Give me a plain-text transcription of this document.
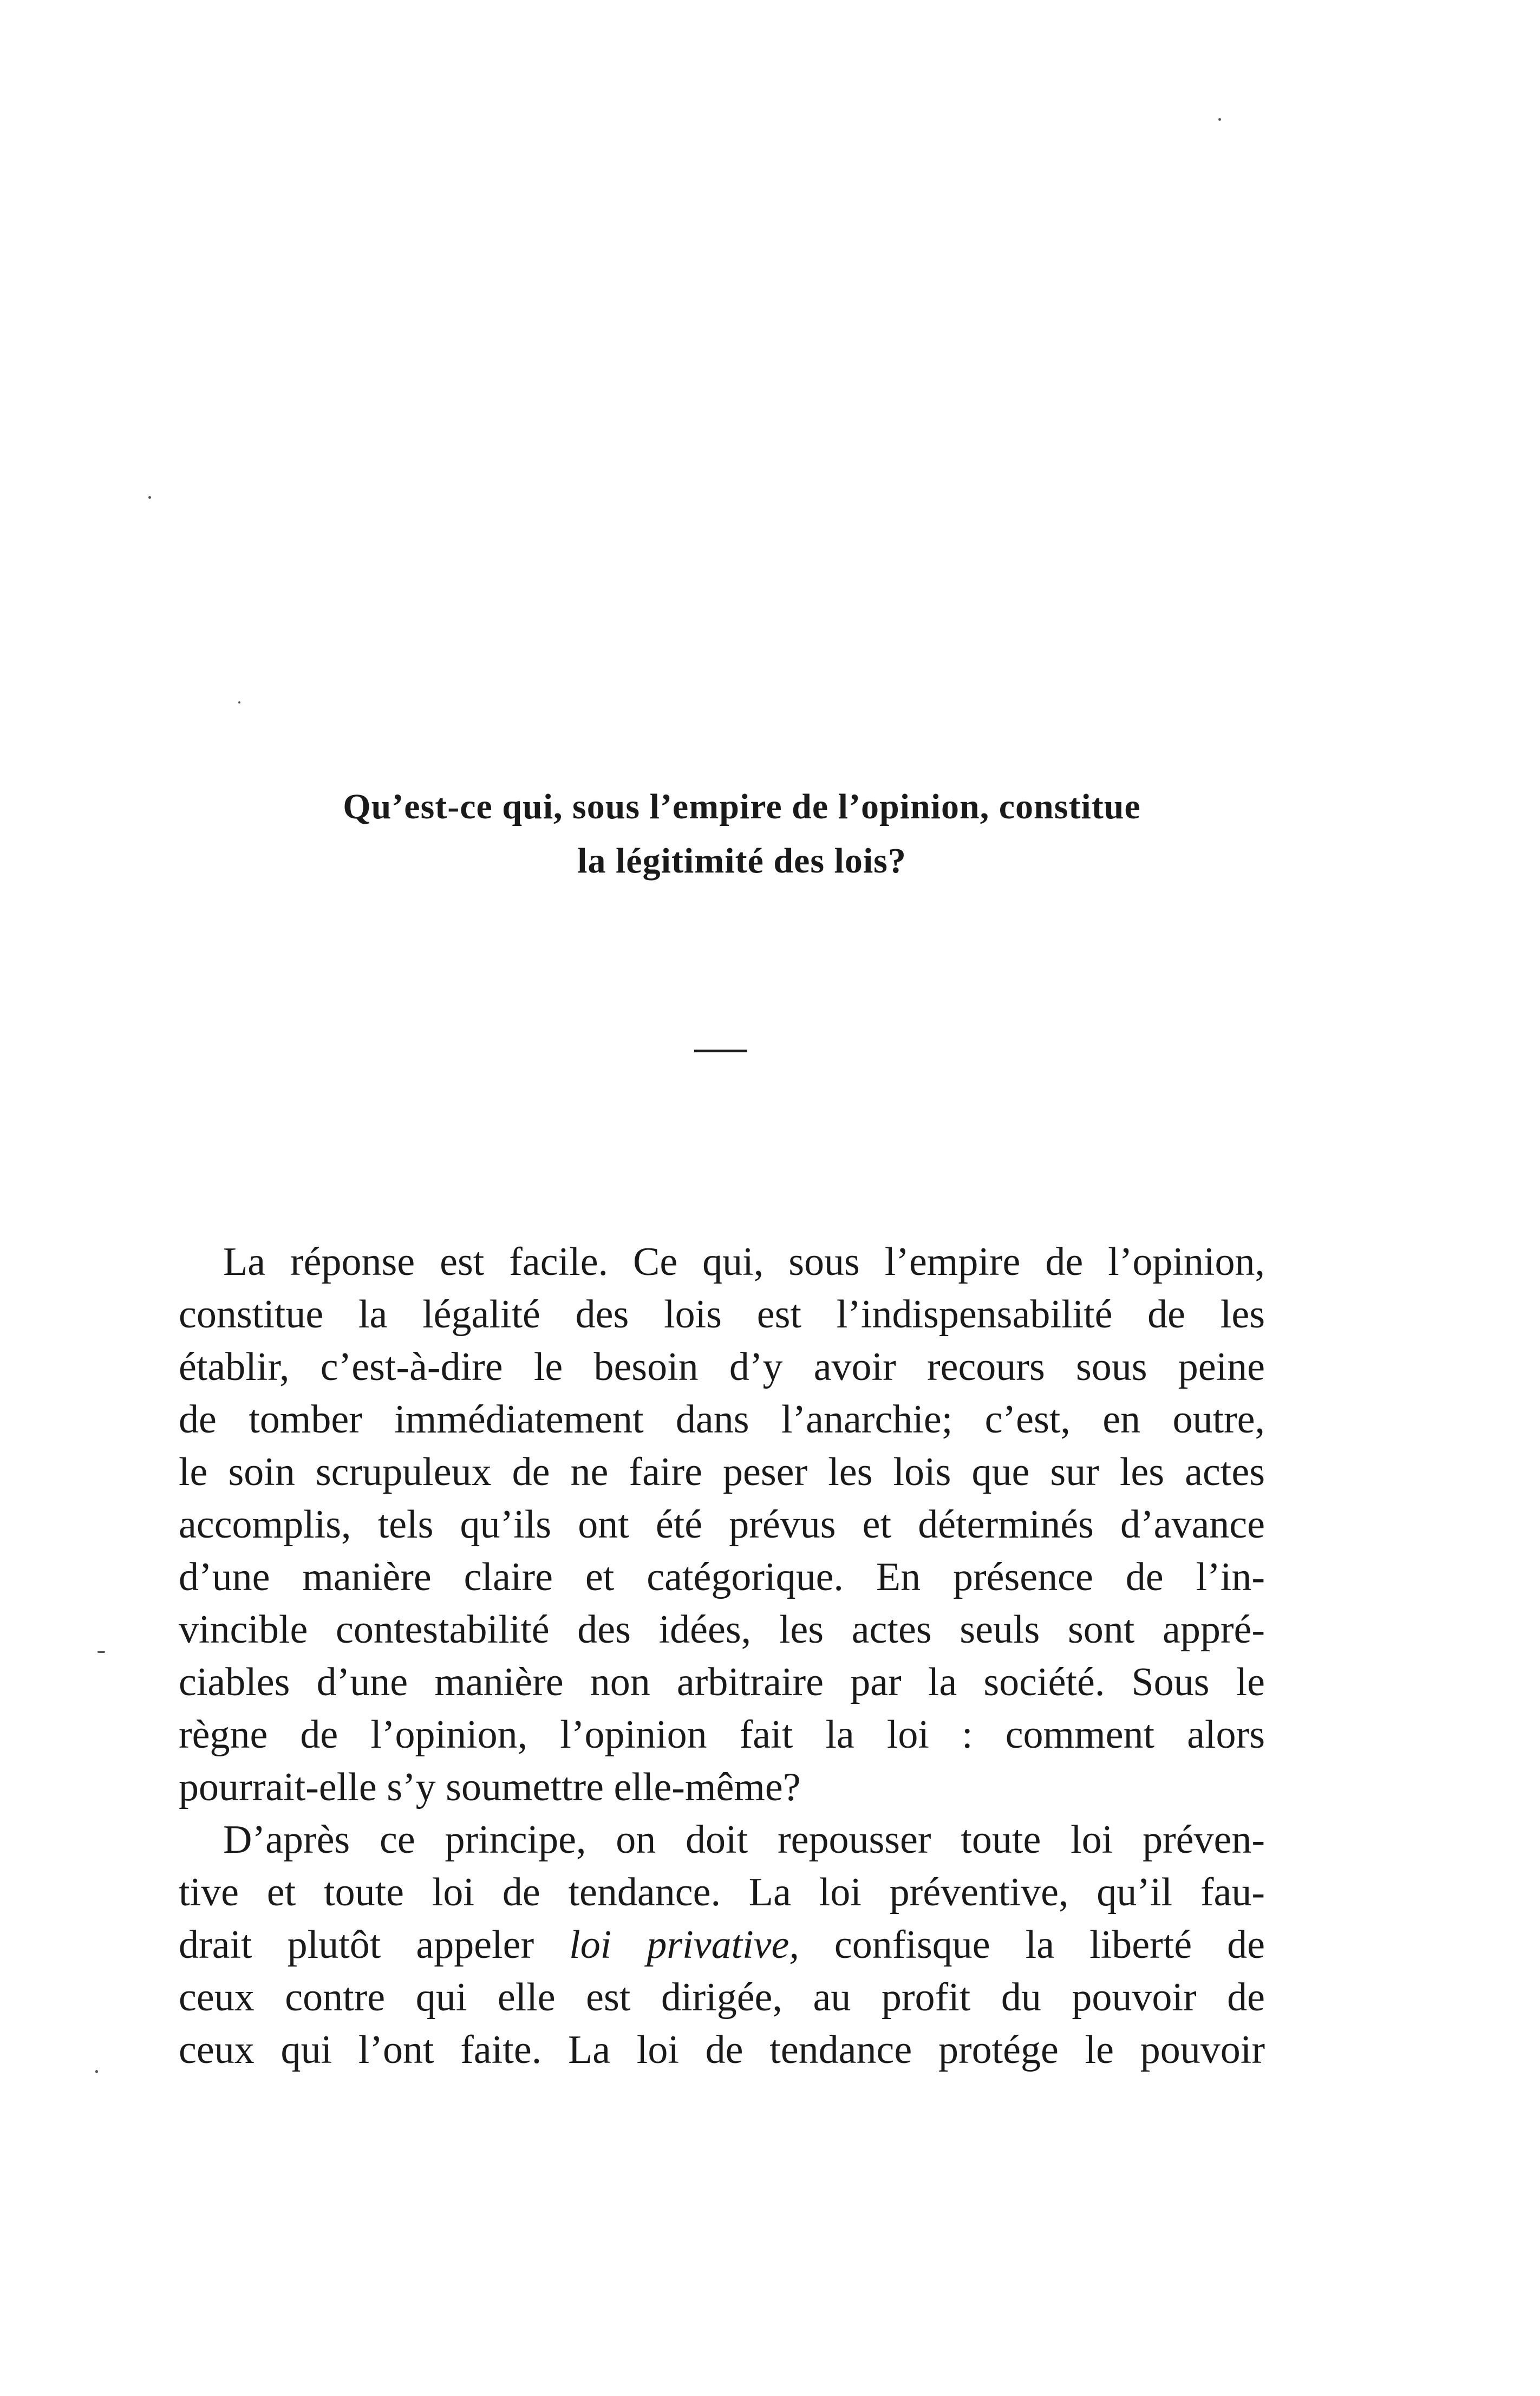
Qu’est-ce qui, sous l’empire de l’opinion, constitue
la légitimité des lois?
La réponse est facile. Ce qui, sous l’empire de l’opinion,
constitue la légalité des lois est l’indispensabilité de les
établir, c’est-à-dire le besoin d’y avoir recours sous peine
de tomber immédiatement dans l’anarchie; c’est, en outre,
le soin scrupuleux de ne faire peser les lois que sur les actes
accomplis, tels qu’ils ont été prévus et déterminés d’avance
d’une manière claire et catégorique. En présence de l’in-
vincible contestabilité des idées, les actes seuls sont appré-
ciables d’une manière non arbitraire par la société. Sous le
règne de l’opinion, l’opinion fait la loi : comment alors
pourrait-elle s’y soumettre elle-même?
D’après ce principe, on doit repousser toute loi préven-
tive et toute loi de tendance. La loi préventive, qu’il fau-
drait plutôt appeler loi privative, confisque la liberté de
ceux contre qui elle est dirigée, au profit du pouvoir de
ceux qui l’ont faite. La loi de tendance protége le pouvoir
